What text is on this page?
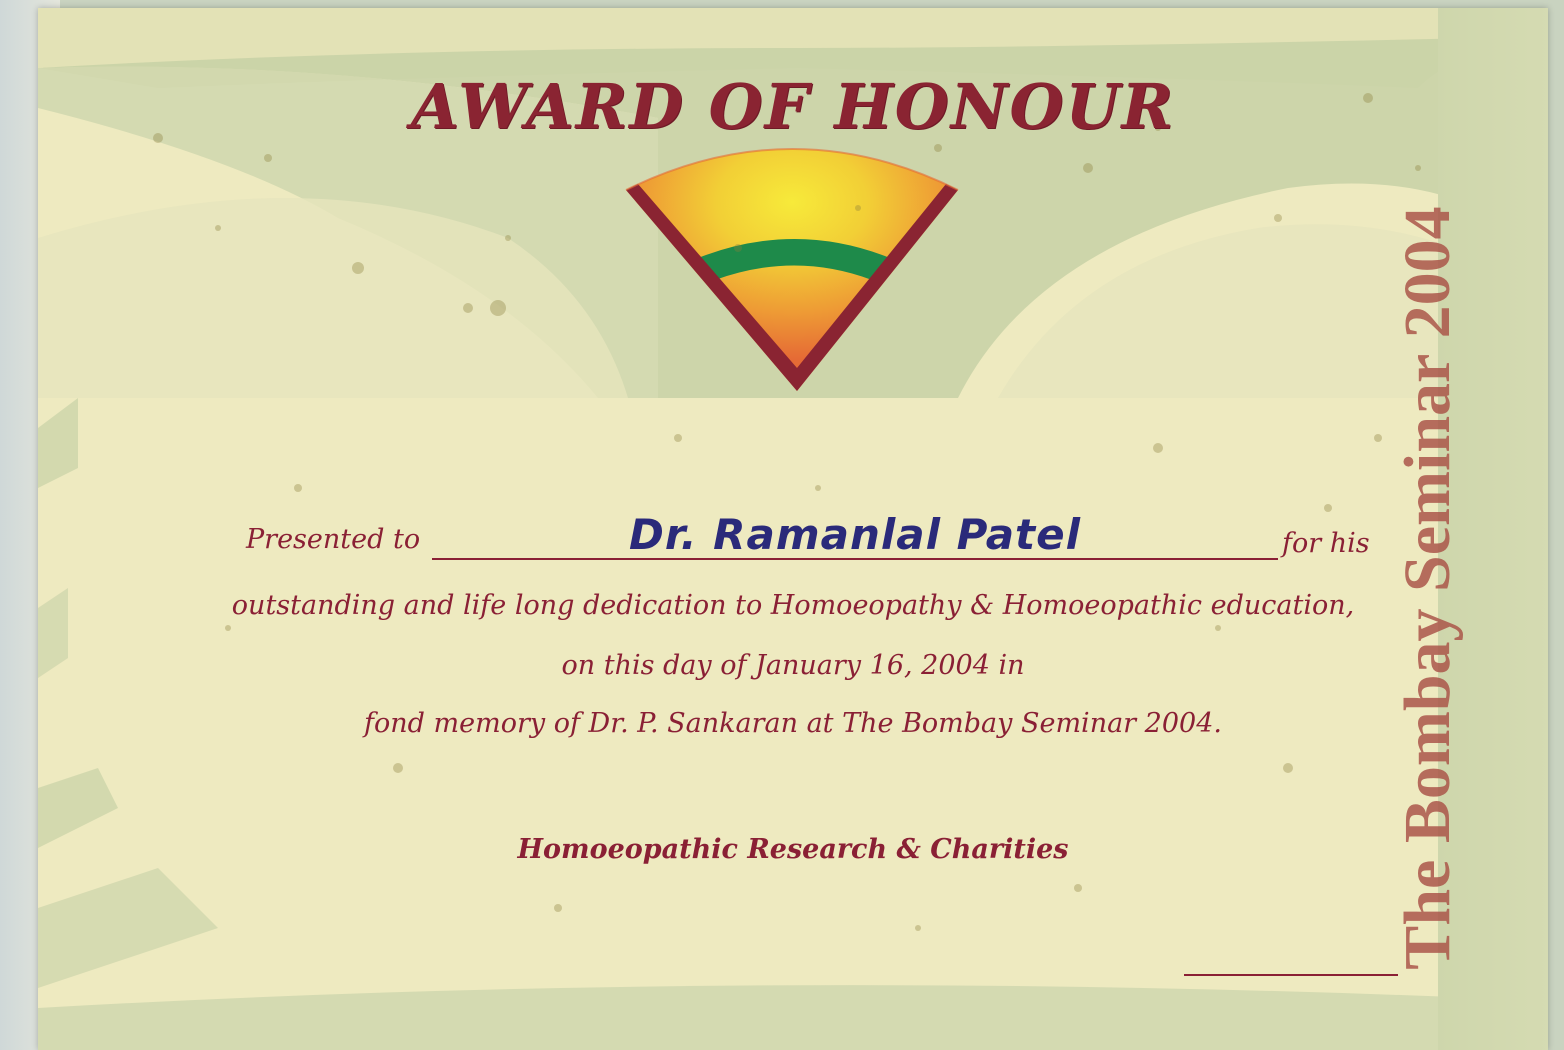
AWARD OF HONOUR
Presented to	Dr. Ramanlal Patel	for his
outstanding and life long dedication to Homoeopathy & Homoeopathic education,
on this day of January 16, 2004 in
fond memory of Dr. P. Sankaran at The Bombay Seminar 2004.
Homoeopathic Research & Charities	The Bombay Seminar 2004
